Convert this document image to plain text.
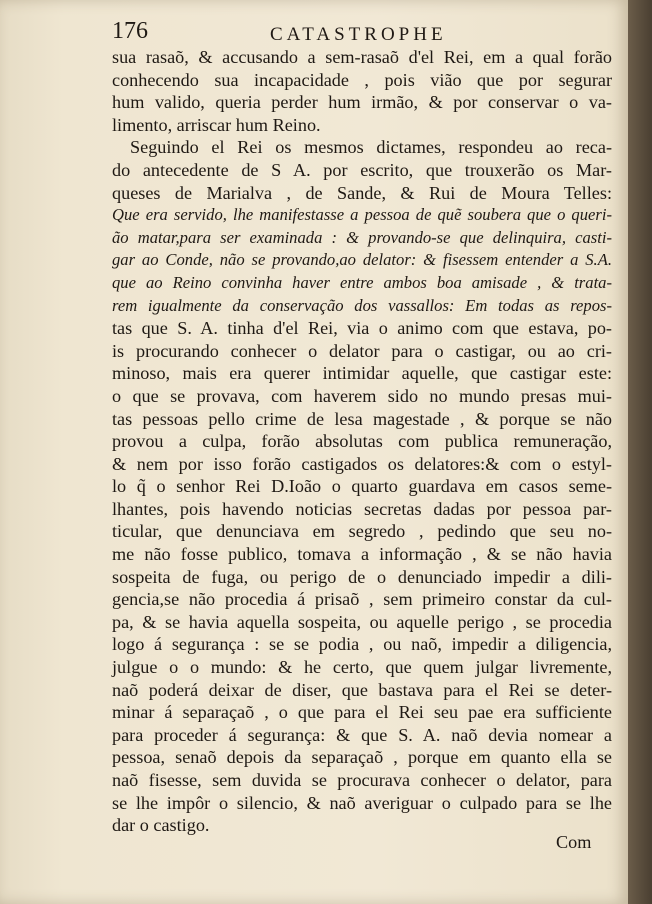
176	CATASTROPHE
sua rasaõ, & accusando a sem-rasaõ d'el Rei, em a qual forão
conhecendo sua incapacidade , pois vião que por segurar
hum valido, queria perder hum irmão, & por conservar o va-
limento, arriscar hum Reino.
Seguindo el Rei os mesmos dictames, respondeu ao reca-
do antecedente de S A. por escrito, que trouxerão os Mar-
queses de Marialva , de Sande, & Rui de Moura Telles:
Que era servido, lhe manifestasse a pessoa de quẽ soubera que o queri-
ão matar,para ser examinada : & provando-se que delinquira, casti-
gar ao Conde, não se provando,ao delator: & fisessem entender a S.A.
que ao Reino convinha haver entre ambos boa amisade , & trata-
rem igualmente da conservação dos vassallos: Em todas as repos-
tas que S. A. tinha d'el Rei, via o animo com que estava, po-
is procurando conhecer o delator para o castigar, ou ao cri-
minoso, mais era querer intimidar aquelle, que castigar este:
o que se provava, com haverem sido no mundo presas mui-
tas pessoas pello crime de lesa magestade , & porque se não
provou a culpa, forão absolutas com publica remuneração,
& nem por isso forão castigados os delatores:& com o estyl-
lo q̃ o senhor Rei D.Ioão o quarto guardava em casos seme-
lhantes, pois havendo noticias secretas dadas por pessoa par-
ticular, que denunciava em segredo , pedindo que seu no-
me não fosse publico, tomava a informação , & se não havia
sospeita de fuga, ou perigo de o denunciado impedir a dili-
gencia,se não procedia á prisaõ , sem primeiro constar da cul-
pa, & se havia aquella sospeita, ou aquelle perigo , se procedia
logo á segurança : se se podia , ou naõ, impedir a diligencia,
julgue o o mundo: & he certo, que quem julgar livremente,
naõ poderá deixar de diser, que bastava para el Rei se deter-
minar á separaçaõ , o que para el Rei seu pae era sufficiente
para proceder á segurança: & que S. A. naõ devia nomear a
pessoa, senaõ depois da separaçaõ , porque em quanto ella se
naõ fisesse, sem duvida se procurava conhecer o delator, para
se lhe impôr o silencio, & naõ averiguar o culpado para se lhe
dar o castigo.
Com
